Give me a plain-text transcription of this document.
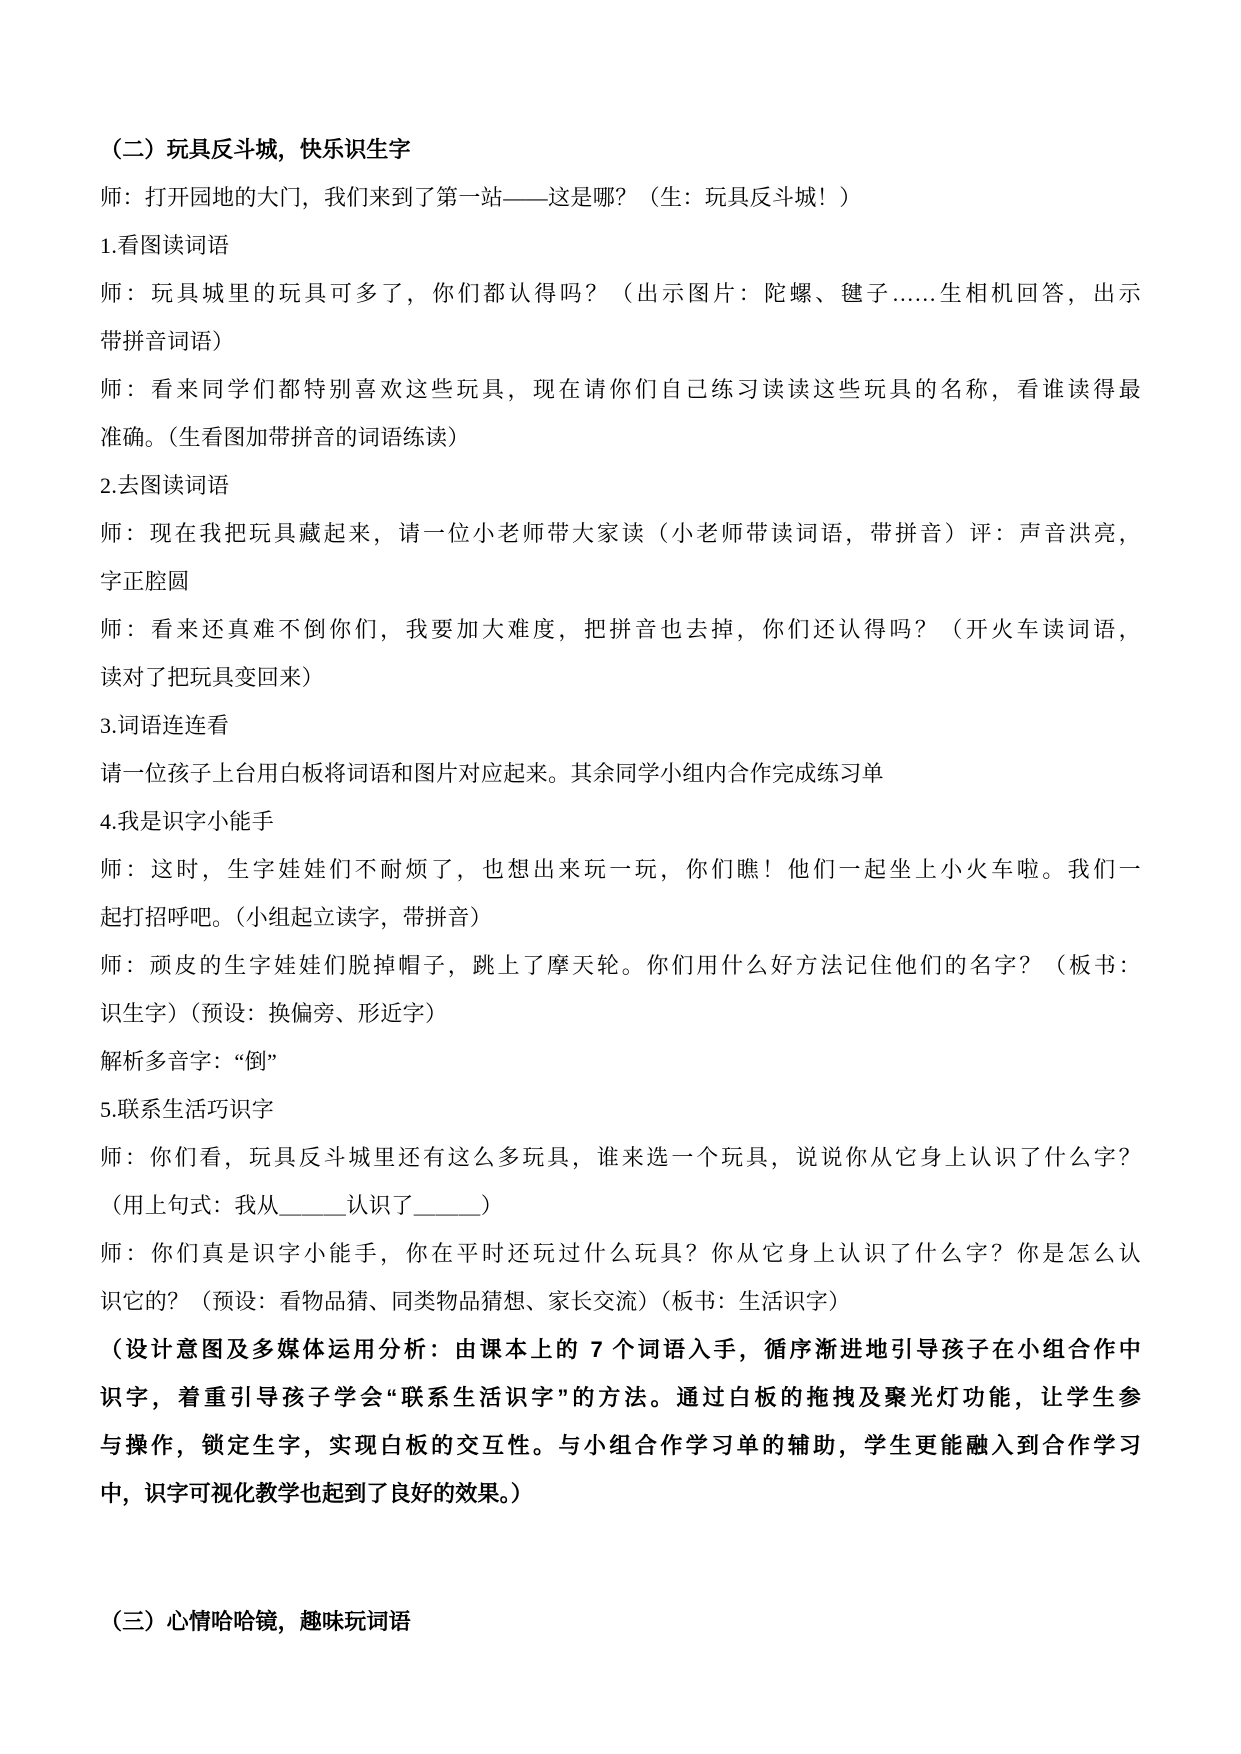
（二）玩具反斗城，快乐识生字
师：打开园地的大门，我们来到了第一站——这是哪？（生：玩具反斗城！）
1.看图读词语
师：玩具城里的玩具可多了，你们都认得吗？（出示图片：陀螺、毽子……生相机回答，出示
带拼音词语）
师：看来同学们都特别喜欢这些玩具，现在请你们自己练习读读这些玩具的名称，看谁读得最
准确。（生看图加带拼音的词语练读）
2.去图读词语
师：现在我把玩具藏起来，请一位小老师带大家读（小老师带读词语，带拼音）评：声音洪亮，
字正腔圆
师：看来还真难不倒你们，我要加大难度，把拼音也去掉，你们还认得吗？（开火车读词语，
读对了把玩具变回来）
3.词语连连看
请一位孩子上台用白板将词语和图片对应起来。其余同学小组内合作完成练习单
4.我是识字小能手
师：这时，生字娃娃们不耐烦了，也想出来玩一玩，你们瞧！他们一起坐上小火车啦。我们一
起打招呼吧。（小组起立读字，带拼音）
师：顽皮的生字娃娃们脱掉帽子，跳上了摩天轮。你们用什么好方法记住他们的名字？（板书：
识生字）（预设：换偏旁、形近字）
解析多音字：“倒”
5.联系生活巧识字
师：你们看，玩具反斗城里还有这么多玩具，谁来选一个玩具，说说你从它身上认识了什么字？
（用上句式：我从＿＿＿认识了＿＿＿）
师：你们真是识字小能手，你在平时还玩过什么玩具？你从它身上认识了什么字？你是怎么认
识它的？（预设：看物品猜、同类物品猜想、家长交流）（板书：生活识字）
（设计意图及多媒体运用分析：由课本上的 7 个词语入手，循序渐进地引导孩子在小组合作中
识字，着重引导孩子学会“联系生活识字”的方法。通过白板的拖拽及聚光灯功能，让学生参
与操作，锁定生字，实现白板的交互性。与小组合作学习单的辅助，学生更能融入到合作学习
中，识字可视化教学也起到了良好的效果。）
（三）心情哈哈镜，趣味玩词语
